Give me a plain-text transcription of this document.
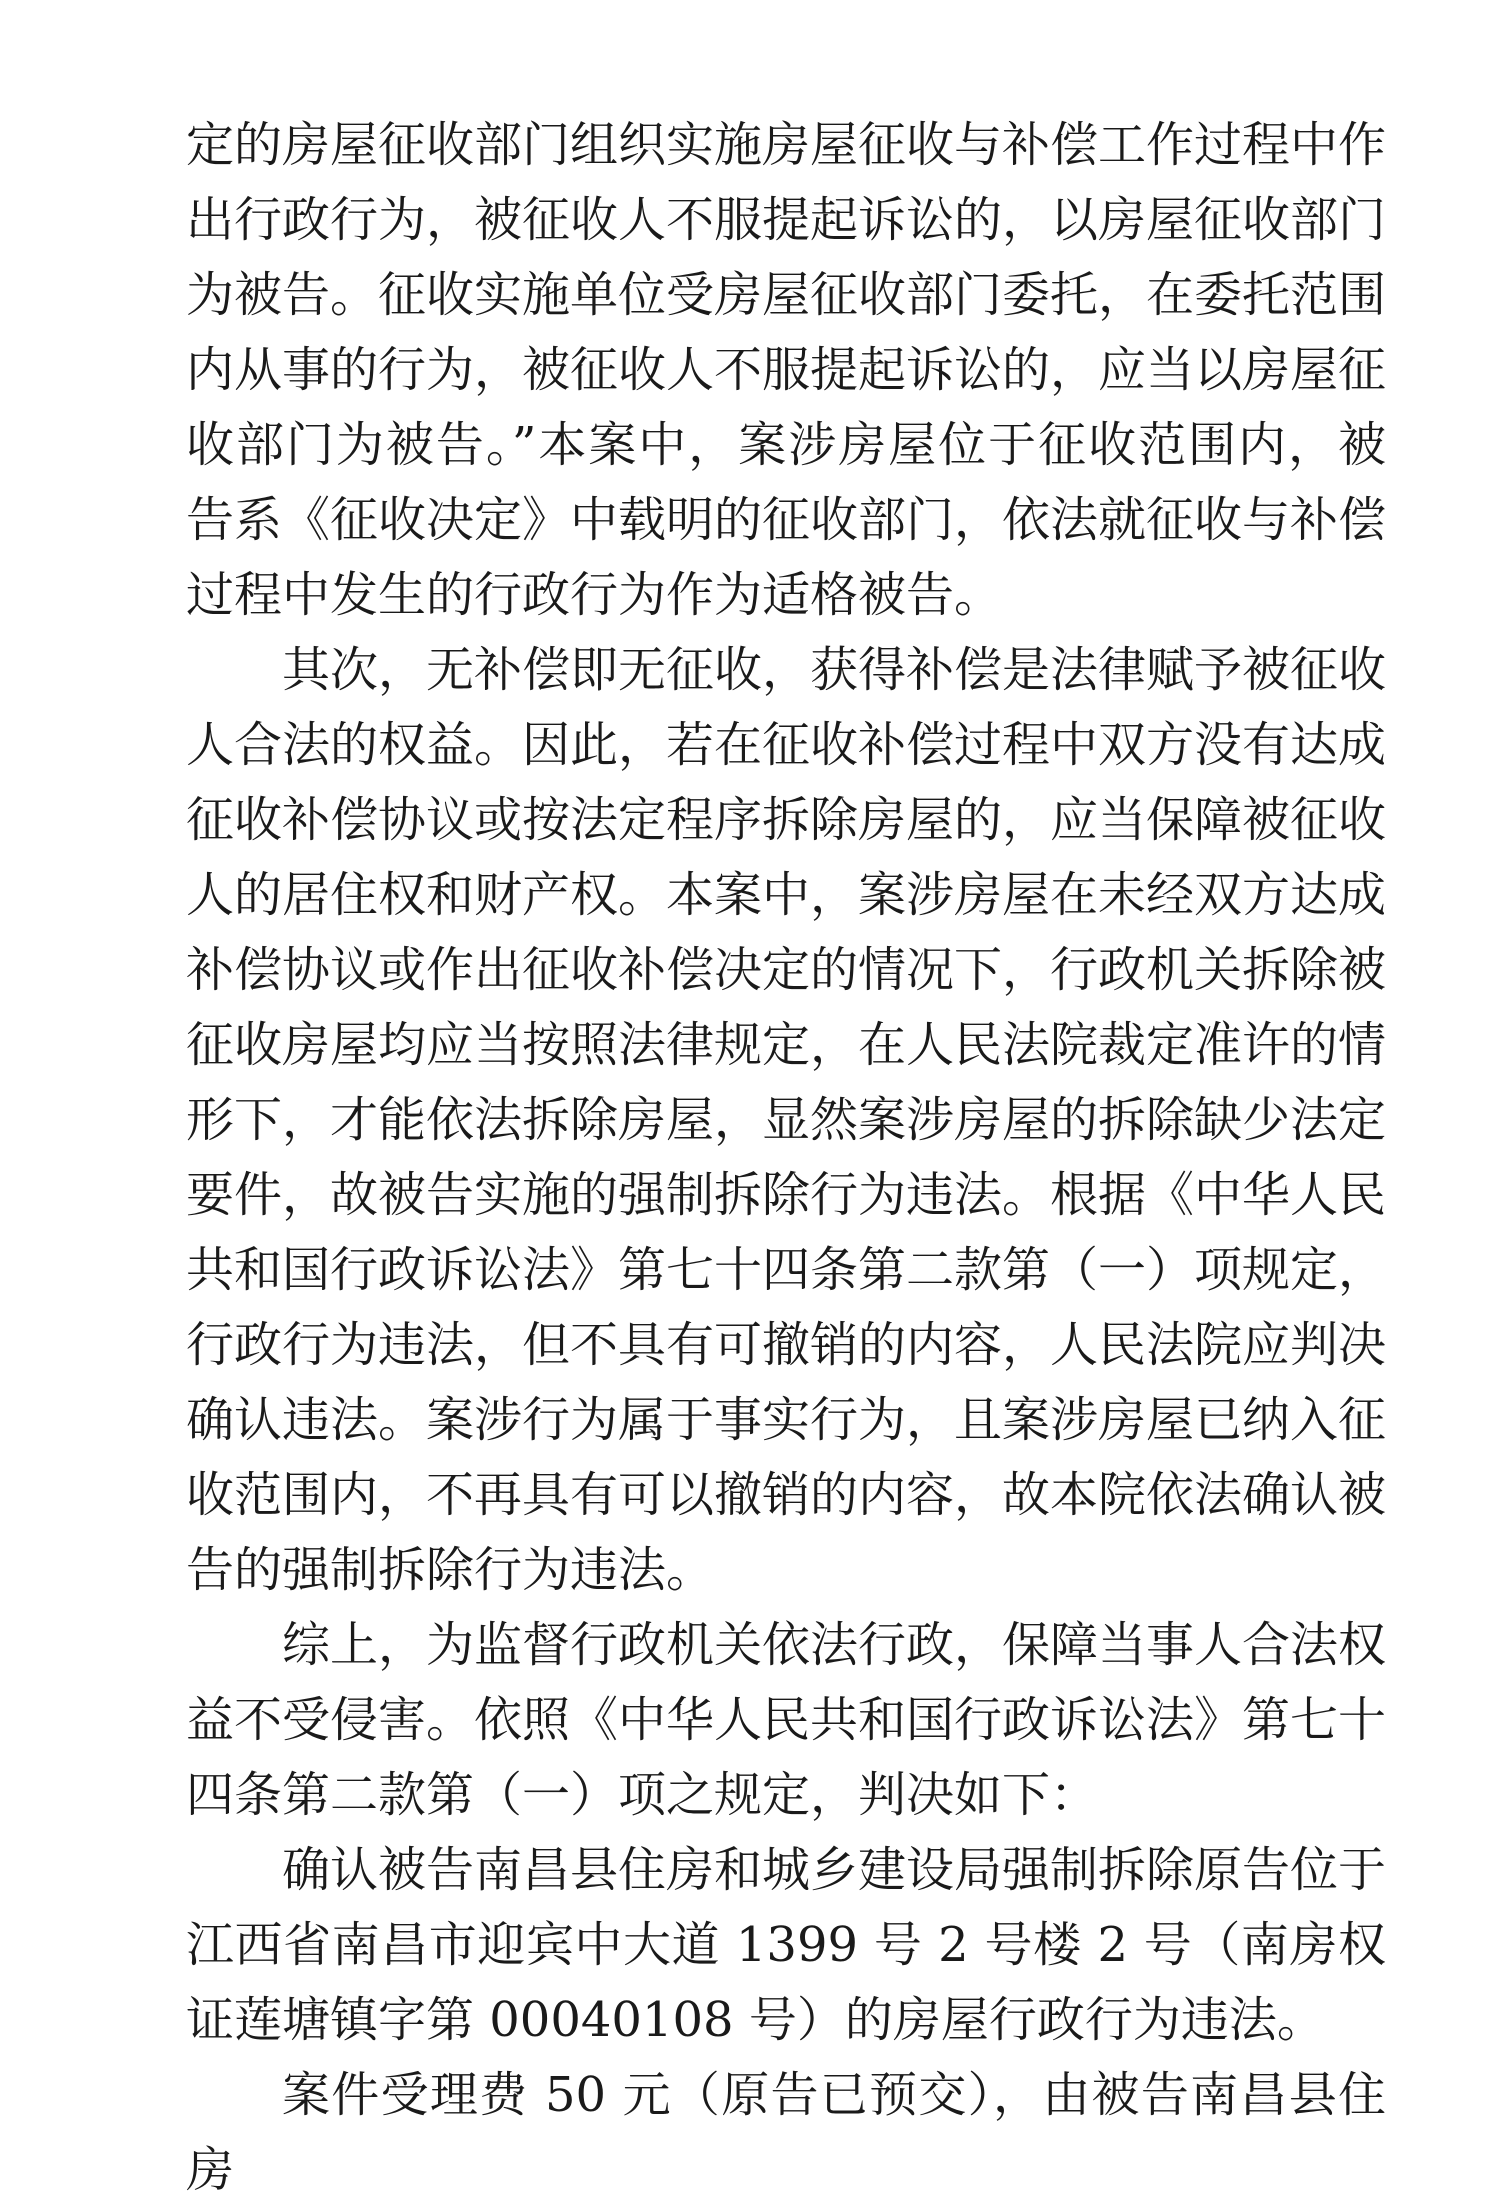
定的房屋征收部门组织实施房屋征收与补偿工作过程中作出行政行为，被征收人不服提起诉讼的，以房屋征收部门为被告。征收实施单位受房屋征收部门委托，在委托范围内从事的行为，被征收人不服提起诉讼的，应当以房屋征收部门为被告。”本案中，案涉房屋位于征收范围内，被告系《征收决定》中载明的征收部门，依法就征收与补偿过程中发生的行政行为作为适格被告。

其次，无补偿即无征收，获得补偿是法律赋予被征收人合法的权益。因此，若在征收补偿过程中双方没有达成征收补偿协议或按法定程序拆除房屋的，应当保障被征收人的居住权和财产权。本案中，案涉房屋在未经双方达成补偿协议或作出征收补偿决定的情况下，行政机关拆除被征收房屋均应当按照法律规定，在人民法院裁定准许的情形下，才能依法拆除房屋，显然案涉房屋的拆除缺少法定要件，故被告实施的强制拆除行为违法。根据《中华人民共和国行政诉讼法》第七十四条第二款第（一）项规定，行政行为违法，但不具有可撤销的内容，人民法院应判决确认违法。案涉行为属于事实行为，且案涉房屋已纳入征收范围内，不再具有可以撤销的内容，故本院依法确认被告的强制拆除行为违法。

综上，为监督行政机关依法行政，保障当事人合法权益不受侵害。依照《中华人民共和国行政诉讼法》第七十四条第二款第（一）项之规定，判决如下：

确认被告南昌县住房和城乡建设局强制拆除原告位于江西省南昌市迎宾中大道 1399 号 2 号楼 2 号（南房权证莲塘镇字第 00040108 号）的房屋行政行为违法。

案件受理费 50 元（原告已预交），由被告南昌县住房
